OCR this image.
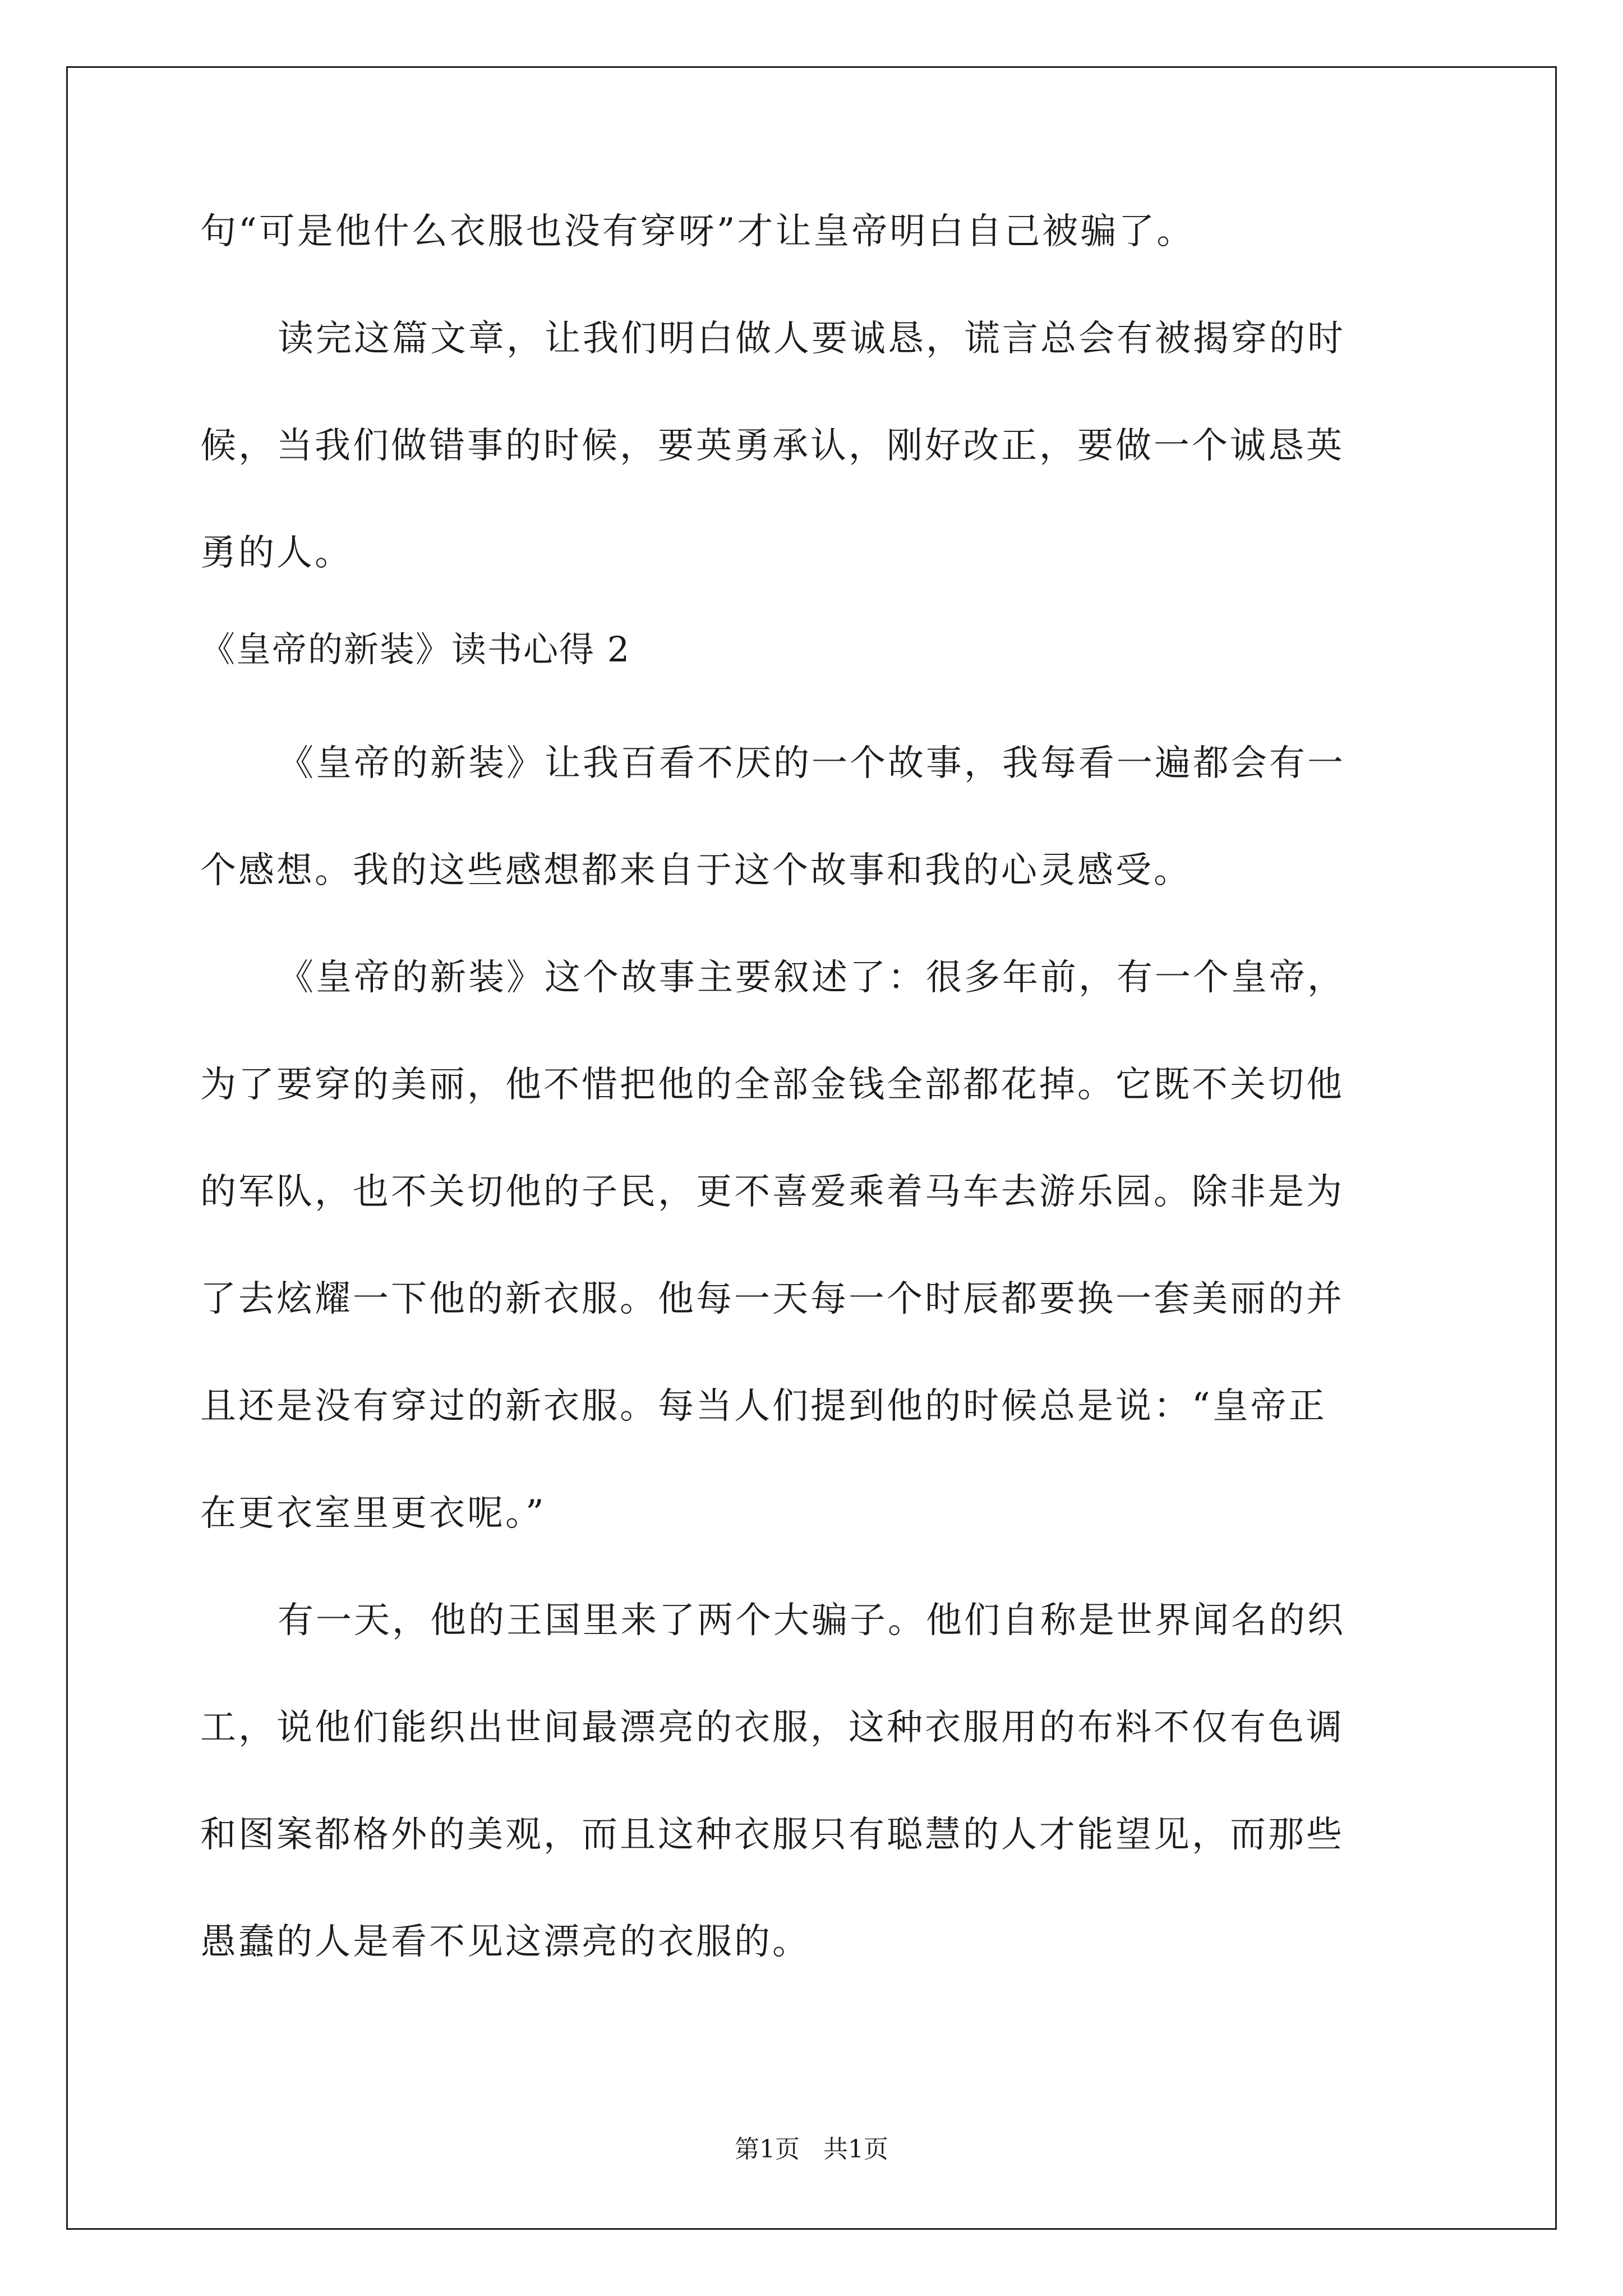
句“可是他什么衣服也没有穿呀”才让皇帝明白自己被骗了。
读完这篇文章，让我们明白做人要诚恳，谎言总会有被揭穿的时
候，当我们做错事的时候，要英勇承认，刚好改正，要做一个诚恳英
勇的人。
《皇帝的新装》读书心得 2
《皇帝的新装》让我百看不厌的一个故事，我每看一遍都会有一
个感想。我的这些感想都来自于这个故事和我的心灵感受。
《皇帝的新装》这个故事主要叙述了：很多年前，有一个皇帝，
为了要穿的美丽，他不惜把他的全部金钱全部都花掉。它既不关切他
的军队，也不关切他的子民，更不喜爱乘着马车去游乐园。除非是为
了去炫耀一下他的新衣服。他每一天每一个时辰都要换一套美丽的并
且还是没有穿过的新衣服。每当人们提到他的时候总是说：“皇帝正
在更衣室里更衣呢。”
有一天，他的王国里来了两个大骗子。他们自称是世界闻名的织
工，说他们能织出世间最漂亮的衣服，这种衣服用的布料不仅有色调
和图案都格外的美观，而且这种衣服只有聪慧的人才能望见，而那些
愚蠢的人是看不见这漂亮的衣服的。
第1页   共1页
